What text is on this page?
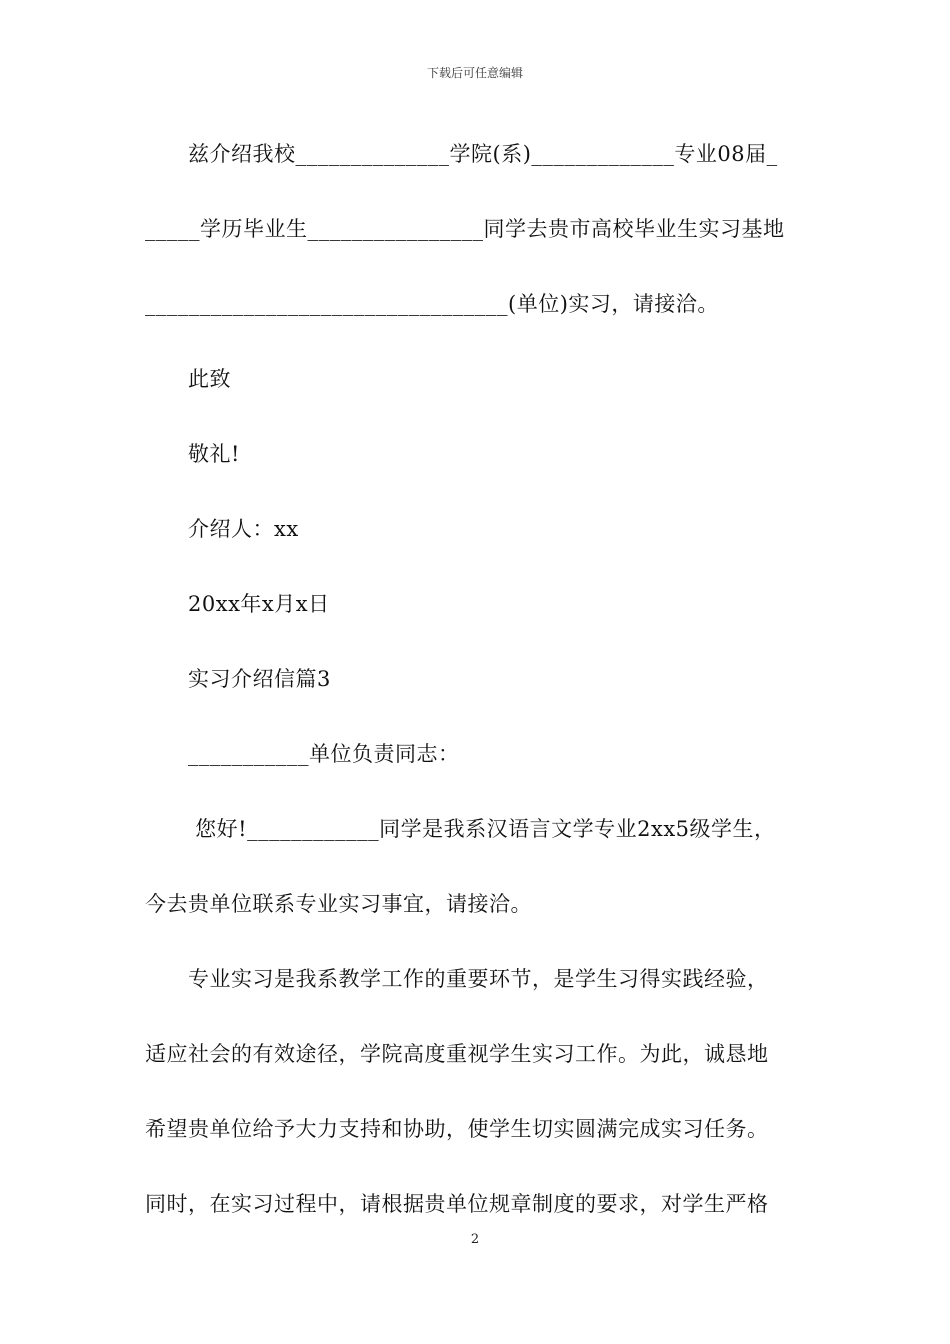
下载后可任意编辑
兹介绍我校______________学院(系)_____________专业08届_
_____学历毕业生________________同学去贵市高校毕业生实习基地
_________________________________(单位)实习，请接洽。
此致
敬礼!
介绍人：xx
20xx年x月x日
实习介绍信篇3
___________单位负责同志：
您好!____________同学是我系汉语言文学专业2xx5级学生，
今去贵单位联系专业实习事宜，请接洽。
专业实习是我系教学工作的重要环节，是学生习得实践经验，
适应社会的有效途径，学院高度重视学生实习工作。为此，诚恳地
希望贵单位给予大力支持和协助，使学生切实圆满完成实习任务。
同时，在实习过程中，请根据贵单位规章制度的要求，对学生严格
2
